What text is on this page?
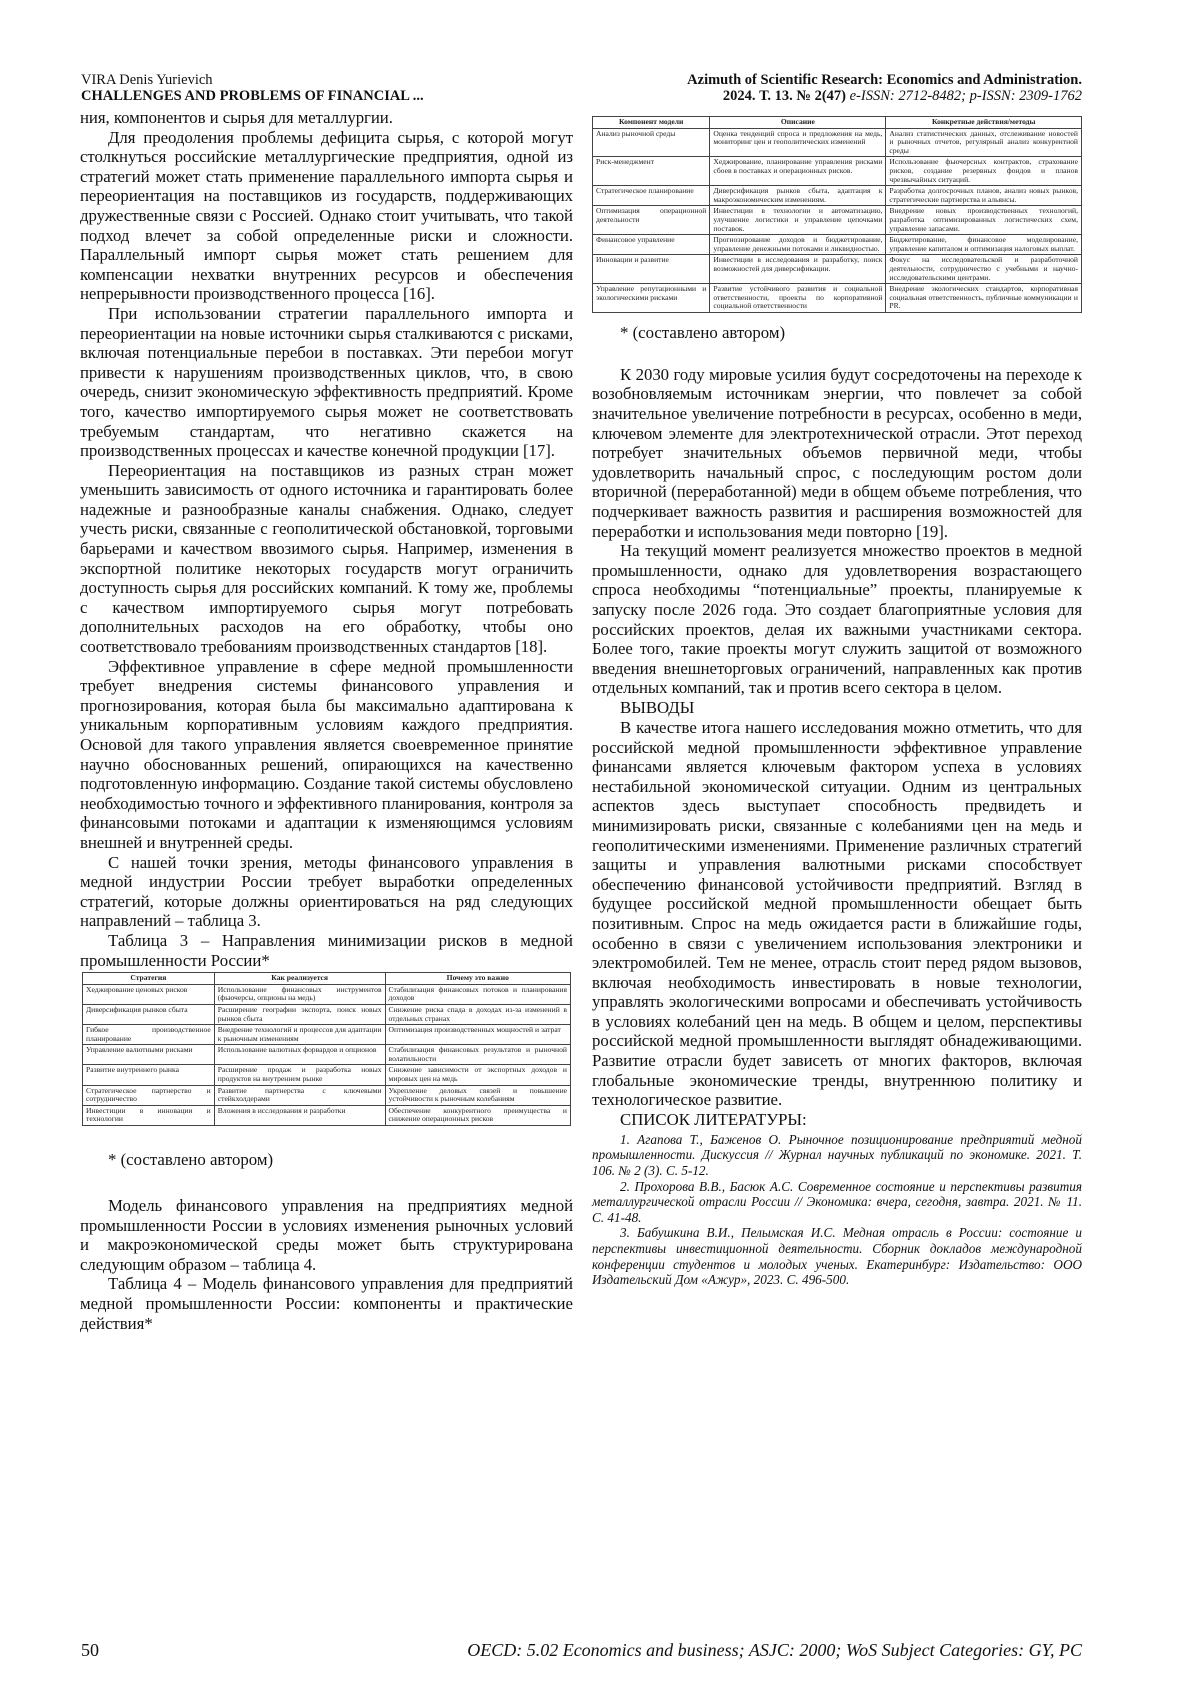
VIRA Denis Yurievich
CHALLENGES AND PROBLEMS OF FINANCIAL ...
Azimuth of Scientific Research: Economics and Administration.
2024. Т. 13. № 2(47) e-ISSN: 2712-8482; p-ISSN: 2309-1762

ния, компонентов и сырья для металлургии.

Для преодоления проблемы дефицита сырья, с которой могут столкнуться российские металлургические предприятия, одной из стратегий может стать применение параллельного импорта сырья и переориентация на поставщиков из государств, поддерживающих дружественные связи с Россией. Однако стоит учитывать, что такой подход влечет за собой определенные риски и сложности. Параллельный импорт сырья может стать решением для компенсации нехватки внутренних ресурсов и обеспечения непрерывности производственного процесса [16].

При использовании стратегии параллельного импорта и переориентации на новые источники сырья сталкиваются с рисками, включая потенциальные перебои в поставках. Эти перебои могут привести к нарушениям производственных циклов, что, в свою очередь, снизит экономическую эффективность предприятий. Кроме того, качество импортируемого сырья может не соответствовать требуемым стандартам, что негативно скажется на производственных процессах и качестве конечной продукции [17].

Переориентация на поставщиков из разных стран может уменьшить зависимость от одного источника и гарантировать более надежные и разнообразные каналы снабжения. Однако, следует учесть риски, связанные с геополитической обстановкой, торговыми барьерами и качеством ввозимого сырья. Например, изменения в экспортной политике некоторых государств могут ограничить доступность сырья для российских компаний. К тому же, проблемы с качеством импортируемого сырья могут потребовать дополнительных расходов на его обработку, чтобы оно соответствовало требованиям производственных стандартов [18].

Эффективное управление в сфере медной промышленности требует внедрения системы финансового управления и прогнозирования, которая была бы максимально адаптирована к уникальным корпоративным условиям каждого предприятия. Основой для такого управления является своевременное принятие научно обоснованных решений, опирающихся на качественно подготовленную информацию. Создание такой системы обусловлено необходимостью точного и эффективного планирования, контроля за финансовыми потоками и адаптации к изменяющимся условиям внешней и внутренней среды.

С нашей точки зрения, методы финансового управления в медной индустрии России требует выработки определенных стратегий, которые должны ориентироваться на ряд следующих направлений – таблица 3.

Таблица 3 – Направления минимизации рисков в медной промышленности России*

Стратегия	Как реализуется	Почему это важно
Хеджирование ценовых рисков	Использование финансовых инструментов (фьючерсы, опционы на медь)	Стабилизация финансовых потоков и планирования доходов
Диверсификация рынков сбыта	Расширение географии экспорта, поиск новых рынков сбыта	Снижение риска спада в доходах из-за изменений в отдельных странах
Гибкое производственное планирование	Внедрение технологий и процессов для адаптации к рыночным изменениям	Оптимизация производственных мощностей и затрат
Управление валютными рисками	Использование валютных форвардов и опционов	Стабилизация финансовых результатов и рыночной волатильности
Развитие внутреннего рынка	Расширение продаж и разработка новых продуктов на внутреннем рынке	Снижение зависимости от экспортных доходов и мировых цен на медь
Стратегическое партнерство и сотрудничество	Развитие партнерства с ключевыми стейкхолдерами	Укрепление деловых связей и повышение устойчивости к рыночным колебаниям
Инвестиции в инновации и технологии	Вложения в исследования и разработки	Обеспечение конкурентного преимущества и снижение операционных рисков

* (составлено автором)

Модель финансового управления на предприятиях медной промышленности России в условиях изменения рыночных условий и макроэкономической среды может быть структурирована следующим образом – таблица 4.

Таблица 4 – Модель финансового управления для предприятий медной промышленности России: компоненты и практические действия*

Компонент модели	Описание	Конкретные действия/методы
Анализ рыночной среды	Оценка тенденций спроса и предложения на медь, мониторинг цен и геополитических изменений	Анализ статистических данных, отслеживание новостей и рыночных отчетов, регулярный анализ конкурентной среды
Риск-менеджмент	Хеджирование, планирование управления рисками сбоев в поставках и операционных рисков.	Использование фьючерсных контрактов, страхование рисков, создание резервных фондов и планов чрезвычайных ситуаций.
Стратегическое планирование	Диверсификация рынков сбыта, адаптация к макроэкономическим изменениям.	Разработка долгосрочных планов, анализ новых рынков, стратегические партнерства и альянсы.
Оптимизация операционной деятельности	Инвестиции в технологии и автоматизацию, улучшение логистики и управление цепочками поставок.	Внедрение новых производственных технологий, разработка оптимизированных логистических схем, управление запасами.
Финансовое управление	Прогнозирование доходов и бюджетирование, управление денежными потоками и ликвидностью.	Бюджетирование, финансовое моделирование, управление капиталом и оптимизация налоговых выплат.
Инновации и развитие	Инвестиции в исследования и разработку, поиск возможностей для диверсификации.	Фокус на исследовательской и разработочной деятельности, сотрудничество с учебными и научно-исследовательскими центрами.
Управление репутационными и экологическими рисками	Развитие устойчивого развития и социальной ответственности, проекты по корпоративной социальной ответственности	Внедрение экологических стандартов, корпоративная социальная ответственность, публичные коммуникации и PR.

* (составлено автором)

К 2030 году мировые усилия будут сосредоточены на переходе к возобновляемым источникам энергии, что повлечет за собой значительное увеличение потребности в ресурсах, особенно в меди, ключевом элементе для электротехнической отрасли. Этот переход потребует значительных объемов первичной меди, чтобы удовлетворить начальный спрос, с последующим ростом доли вторичной (переработанной) меди в общем объеме потребления, что подчеркивает важность развития и расширения возможностей для переработки и использования меди повторно [19].

На текущий момент реализуется множество проектов в медной промышленности, однако для удовлетворения возрастающего спроса необходимы “потенциальные” проекты, планируемые к запуску после 2026 года. Это создает благоприятные условия для российских проектов, делая их важными участниками сектора. Более того, такие проекты могут служить защитой от возможного введения внешнеторговых ограничений, направленных как против отдельных компаний, так и против всего сектора в целом.

ВЫВОДЫ

В качестве итога нашего исследования можно отметить, что для российской медной промышленности эффективное управление финансами является ключевым фактором успеха в условиях нестабильной экономической ситуации. Одним из центральных аспектов здесь выступает способность предвидеть и минимизировать риски, связанные с колебаниями цен на медь и геополитическими изменениями. Применение различных стратегий защиты и управления валютными рисками способствует обеспечению финансовой устойчивости предприятий. Взгляд в будущее российской медной промышленности обещает быть позитивным. Спрос на медь ожидается расти в ближайшие годы, особенно в связи с увеличением использования электроники и электромобилей. Тем не менее, отрасль стоит перед рядом вызовов, включая необходимость инвестировать в новые технологии, управлять экологическими вопросами и обеспечивать устойчивость в условиях колебаний цен на медь. В общем и целом, перспективы российской медной промышленности выглядят обнадеживающими. Развитие отрасли будет зависеть от многих факторов, включая глобальные экономические тренды, внутреннюю политику и технологическое развитие.

СПИСОК ЛИТЕРАТУРЫ:

1. Агапова Т., Баженов О. Рыночное позиционирование предприятий медной промышленности. Дискуссия // Журнал научных публикаций по экономике. 2021. Т. 106. № 2 (3). С. 5-12.

2. Прохорова В.В., Басюк А.С. Современное состояние и перспективы развития металлургической отрасли России // Экономика: вчера, сегодня, завтра. 2021. № 11. С. 41-48.

3. Бабушкина В.И., Пелымская И.С. Медная отрасль в России: состояние и перспективы инвестиционной деятельности. Сборник докладов международной конференции студентов и молодых ученых. Екатеринбург: Издательство: ООО Издательский Дом «Ажур», 2023. С. 496-500.

50	OECD: 5.02 Economics and business; ASJC: 2000; WoS Subject Categories: GY, PC
